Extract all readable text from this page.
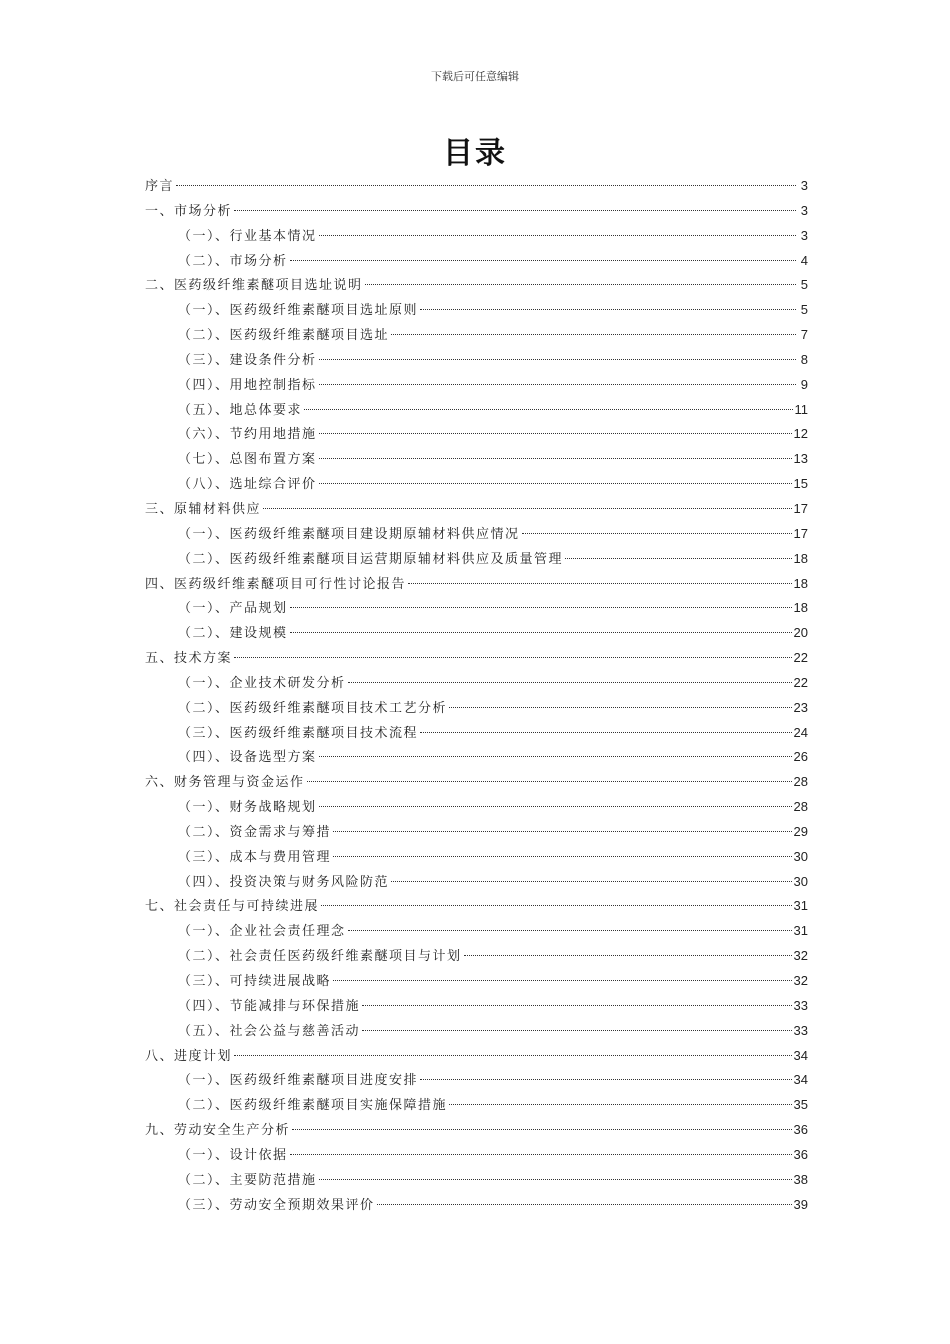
下载后可任意编辑
目录
序言	3
一、市场分析	3
（一）、行业基本情况	3
（二）、市场分析	4
二、医药级纤维素醚项目选址说明	5
（一）、医药级纤维素醚项目选址原则	5
（二）、医药级纤维素醚项目选址	7
（三）、建设条件分析	8
（四）、用地控制指标	9
（五）、地总体要求	11
（六）、节约用地措施	12
（七）、总图布置方案	13
（八）、选址综合评价	15
三、原辅材料供应	17
（一）、医药级纤维素醚项目建设期原辅材料供应情况	17
（二）、医药级纤维素醚项目运营期原辅材料供应及质量管理	18
四、医药级纤维素醚项目可行性讨论报告	18
（一）、产品规划	18
（二）、建设规模	20
五、技术方案	22
（一）、企业技术研发分析	22
（二）、医药级纤维素醚项目技术工艺分析	23
（三）、医药级纤维素醚项目技术流程	24
（四）、设备选型方案	26
六、财务管理与资金运作	28
（一）、财务战略规划	28
（二）、资金需求与筹措	29
（三）、成本与费用管理	30
（四）、投资决策与财务风险防范	30
七、社会责任与可持续进展	31
（一）、企业社会责任理念	31
（二）、社会责任医药级纤维素醚项目与计划	32
（三）、可持续进展战略	32
（四）、节能减排与环保措施	33
（五）、社会公益与慈善活动	33
八、进度计划	34
（一）、医药级纤维素醚项目进度安排	34
（二）、医药级纤维素醚项目实施保障措施	35
九、劳动安全生产分析	36
（一）、设计依据	36
（二）、主要防范措施	38
（三）、劳动安全预期效果评价	39
